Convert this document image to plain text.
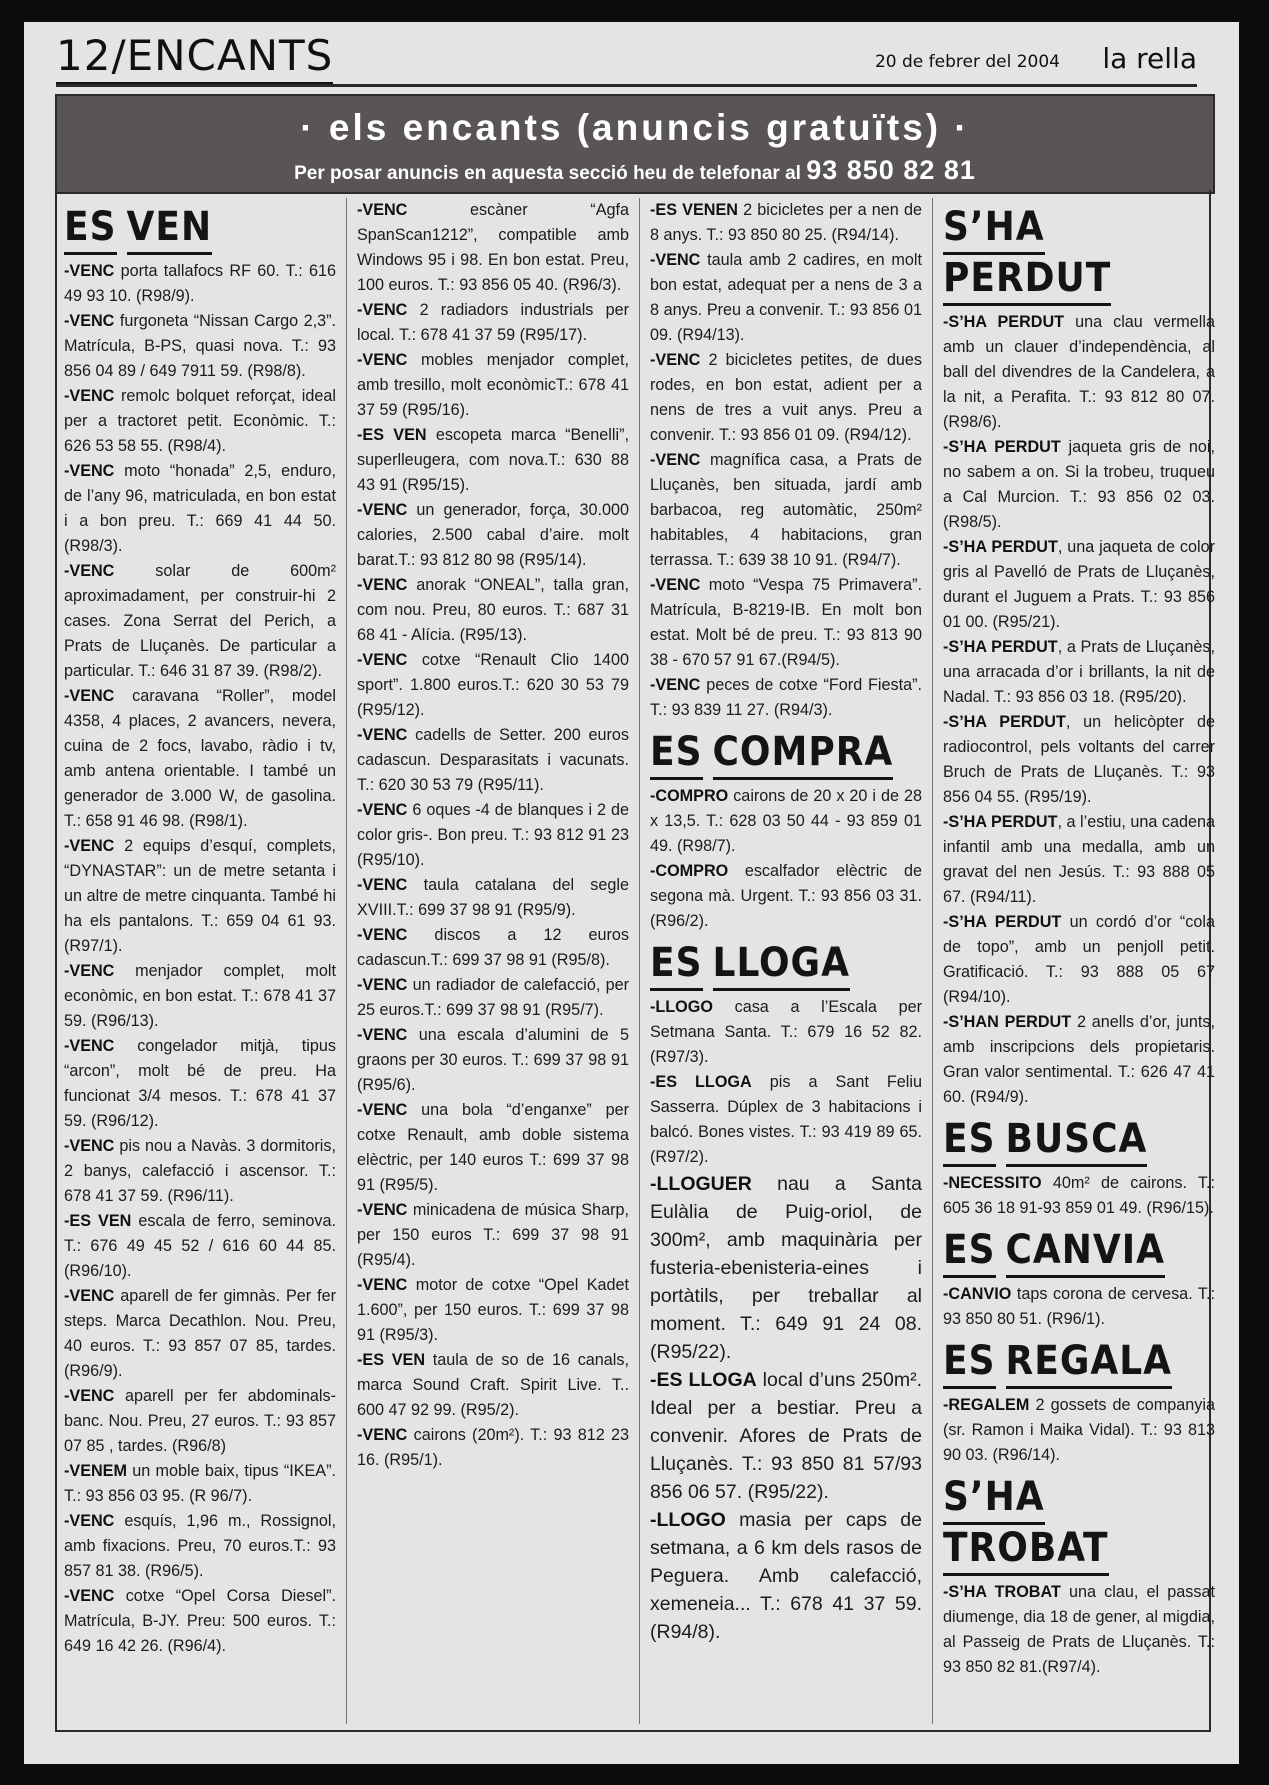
12/ENCANTS	20 de febrer del 2004 la rella
· els encants (anuncis gratuïts) ·
Per posar anuncis en aquesta secció heu de telefonar al 93 850 82 81
ES VEN

-VENC porta tallafocs RF 60. T.: 616 49 93 10. (R98/9).

-VENC furgoneta “Nissan Cargo 2,3”. Matrícula, B-PS, quasi nova. T.: 93 856 04 89 / 649 7911 59. (R98/8).

-VENC remolc bolquet reforçat, ideal per a tractoret petit. Econòmic. T.: 626 53 58 55. (R98/4).

-VENC moto “honada” 2,5, enduro, de l’any 96, matriculada, en bon estat i a bon preu. T.: 669 41 44 50. (R98/3).

-VENC solar de 600m² aproximadament, per construir-hi 2 cases. Zona Serrat del Perich, a Prats de Lluçanès. De particular a particular. T.: 646 31 87 39. (R98/2).

-VENC caravana “Roller”, model 4358, 4 places, 2 avancers, nevera, cuina de 2 focs, lavabo, ràdio i tv, amb antena orientable. I també un generador de 3.000 W, de gasolina. T.: 658 91 46 98. (R98/1).

-VENC 2 equips d’esquí, complets, “DYNASTAR”: un de metre setanta i un altre de metre cinquanta. També hi ha els pantalons. T.: 659 04 61 93. (R97/1).

-VENC menjador complet, molt econòmic, en bon estat. T.: 678 41 37 59. (R96/13).

-VENC congelador mitjà, tipus “arcon”, molt bé de preu. Ha funcionat 3/4 mesos. T.: 678 41 37 59. (R96/12).

-VENC pis nou a Navàs. 3 dormitoris, 2 banys, calefacció i ascensor. T.: 678 41 37 59. (R96/11).

-ES VEN escala de ferro, seminova. T.: 676 49 45 52 / 616 60 44 85. (R96/10).

-VENC aparell de fer gimnàs. Per fer steps. Marca Decathlon. Nou. Preu, 40 euros. T.: 93 857 07 85, tardes. (R96/9).

-VENC aparell per fer abdominals-banc. Nou. Preu, 27 euros. T.: 93 857 07 85 , tardes. (R96/8)

-VENEM un moble baix, tipus “IKEA”. T.: 93 856 03 95. (R 96/7).

-VENC esquís, 1,96 m., Rossignol, amb fixacions. Preu, 70 euros.T.: 93 857 81 38. (R96/5).

-VENC cotxe “Opel Corsa Diesel”. Matrícula, B-JY. Preu: 500 euros. T.: 649 16 42 26. (R96/4).

-VENC escàner “Agfa SpanScan1212”, compatible amb Windows 95 i 98. En bon estat. Preu, 100 euros. T.: 93 856 05 40. (R96/3).

-VENC 2 radiadors industrials per local. T.: 678 41 37 59 (R95/17).

-VENC mobles menjador complet, amb tresillo, molt econòmicT.: 678 41 37 59 (R95/16).

-ES VEN escopeta marca “Benelli”, superlleugera, com nova.T.: 630 88 43 91 (R95/15).

-VENC un generador, força, 30.000 calories, 2.500 cabal d’aire. molt barat.T.: 93 812 80 98 (R95/14).

-VENC anorak “ONEAL”, talla gran, com nou. Preu, 80 euros. T.: 687 31 68 41 - Alícia. (R95/13).

-VENC cotxe “Renault Clio 1400 sport”. 1.800 euros.T.: 620 30 53 79 (R95/12).

-VENC cadells de Setter. 200 euros cadascun. Desparasitats i vacunats. T.: 620 30 53 79 (R95/11).

-VENC 6 oques -4 de blanques i 2 de color gris-. Bon preu. T.: 93 812 91 23 (R95/10).

-VENC taula catalana del segle XVIII.T.: 699 37 98 91 (R95/9).

-VENC discos a 12 euros cadascun.T.: 699 37 98 91 (R95/8).

-VENC un radiador de calefacció, per 25 euros.T.: 699 37 98 91 (R95/7).

-VENC una escala d’alumini de 5 graons per 30 euros. T.: 699 37 98 91 (R95/6).

-VENC una bola “d’enganxe” per cotxe Renault, amb doble sistema elèctric, per 140 euros T.: 699 37 98 91 (R95/5).

-VENC minicadena de música Sharp, per 150 euros T.: 699 37 98 91 (R95/4).

-VENC motor de cotxe “Opel Kadet 1.600”, per 150 euros. T.: 699 37 98 91 (R95/3).

-ES VEN taula de so de 16 canals, marca Sound Craft. Spirit Live. T.. 600 47 92 99. (R95/2).

-VENC cairons (20m²). T.: 93 812 23 16. (R95/1).

-ES VENEN 2 bicicletes per a nen de 8 anys. T.: 93 850 80 25. (R94/14).

-VENC taula amb 2 cadires, en molt bon estat, adequat per a nens de 3 a 8 anys. Preu a convenir. T.: 93 856 01 09. (R94/13).

-VENC 2 bicicletes petites, de dues rodes, en bon estat, adient per a nens de tres a vuit anys. Preu a convenir. T.: 93 856 01 09. (R94/12).

-VENC magnífica casa, a Prats de Lluçanès, ben situada, jardí amb barbacoa, reg automàtic, 250m² habitables, 4 habitacions, gran terrassa. T.: 639 38 10 91. (R94/7).

-VENC moto “Vespa 75 Primavera”. Matrícula, B-8219-IB. En molt bon estat. Molt bé de preu. T.: 93 813 90 38 - 670 57 91 67.(R94/5).

-VENC peces de cotxe “Ford Fiesta”. T.: 93 839 11 27. (R94/3).

ES COMPRA

-COMPRO cairons de 20 x 20 i de 28 x 13,5. T.: 628 03 50 44 - 93 859 01 49. (R98/7).

-COMPRO escalfador elèctric de segona mà. Urgent. T.: 93 856 03 31. (R96/2).

ES LLOGA

-LLOGO casa a l’Escala per Setmana Santa. T.: 679 16 52 82. (R97/3).

-ES LLOGA pis a Sant Feliu Sasserra. Dúplex de 3 habitacions i balcó. Bones vistes. T.: 93 419 89 65. (R97/2).

-LLOGUER nau a Santa Eulàlia de Puig-oriol, de 300m², amb maquinària per fusteria-ebenisteria-eines i portàtils, per treballar al moment. T.: 649 91 24 08. (R95/22).

-ES LLOGA local d’uns 250m². Ideal per a bestiar. Preu a convenir. Afores de Prats de Lluçanès. T.: 93 850 81 57/93 856 06 57. (R95/22).

-LLOGO masia per caps de setmana, a 6 km dels rasos de Peguera. Amb calefacció, xemeneia... T.: 678 41 37 59. (R94/8).

S’HAPERDUT

-S’HA PERDUT una clau vermella amb un clauer d’independència, al ball del divendres de la Candelera, a la nit, a Perafita. T.: 93 812 80 07. (R98/6).

-S’HA PERDUT jaqueta gris de noi, no sabem a on. Si la trobeu, truqueu a Cal Murcion. T.: 93 856 02 03. (R98/5).

-S’HA PERDUT, una jaqueta de color gris al Pavelló de Prats de Lluçanès, durant el Juguem a Prats. T.: 93 856 01 00. (R95/21).

-S’HA PERDUT, a Prats de Lluçanès, una arracada d’or i brillants, la nit de Nadal. T.: 93 856 03 18. (R95/20).

-S’HA PERDUT, un helicòpter de radiocontrol, pels voltants del carrer Bruch de Prats de Lluçanès. T.: 93 856 04 55. (R95/19).

-S’HA PERDUT, a l’estiu, una cadena infantil amb una medalla, amb un gravat del nen Jesús. T.: 93 888 05 67. (R94/11).

-S’HA PERDUT un cordó d’or “cola de topo”, amb un penjoll petit. Gratificació. T.: 93 888 05 67 (R94/10).

-S’HAN PERDUT 2 anells d’or, junts, amb inscripcions dels propietaris. Gran valor sentimental. T.: 626 47 41 60. (R94/9).

ES BUSCA

-NECESSITO 40m² de cairons. T.: 605 36 18 91-93 859 01 49. (R96/15).

ES CANVIA

-CANVIO taps corona de cervesa. T.: 93 850 80 51. (R96/1).

ES REGALA

-REGALEM 2 gossets de companyia (sr. Ramon i Maika Vidal). T.: 93 813 90 03. (R96/14).

S’HATROBAT

-S’HA TROBAT una clau, el passat diumenge, dia 18 de gener, al migdia, al Passeig de Prats de Lluçanès. T.: 93 850 82 81.(R97/4).
